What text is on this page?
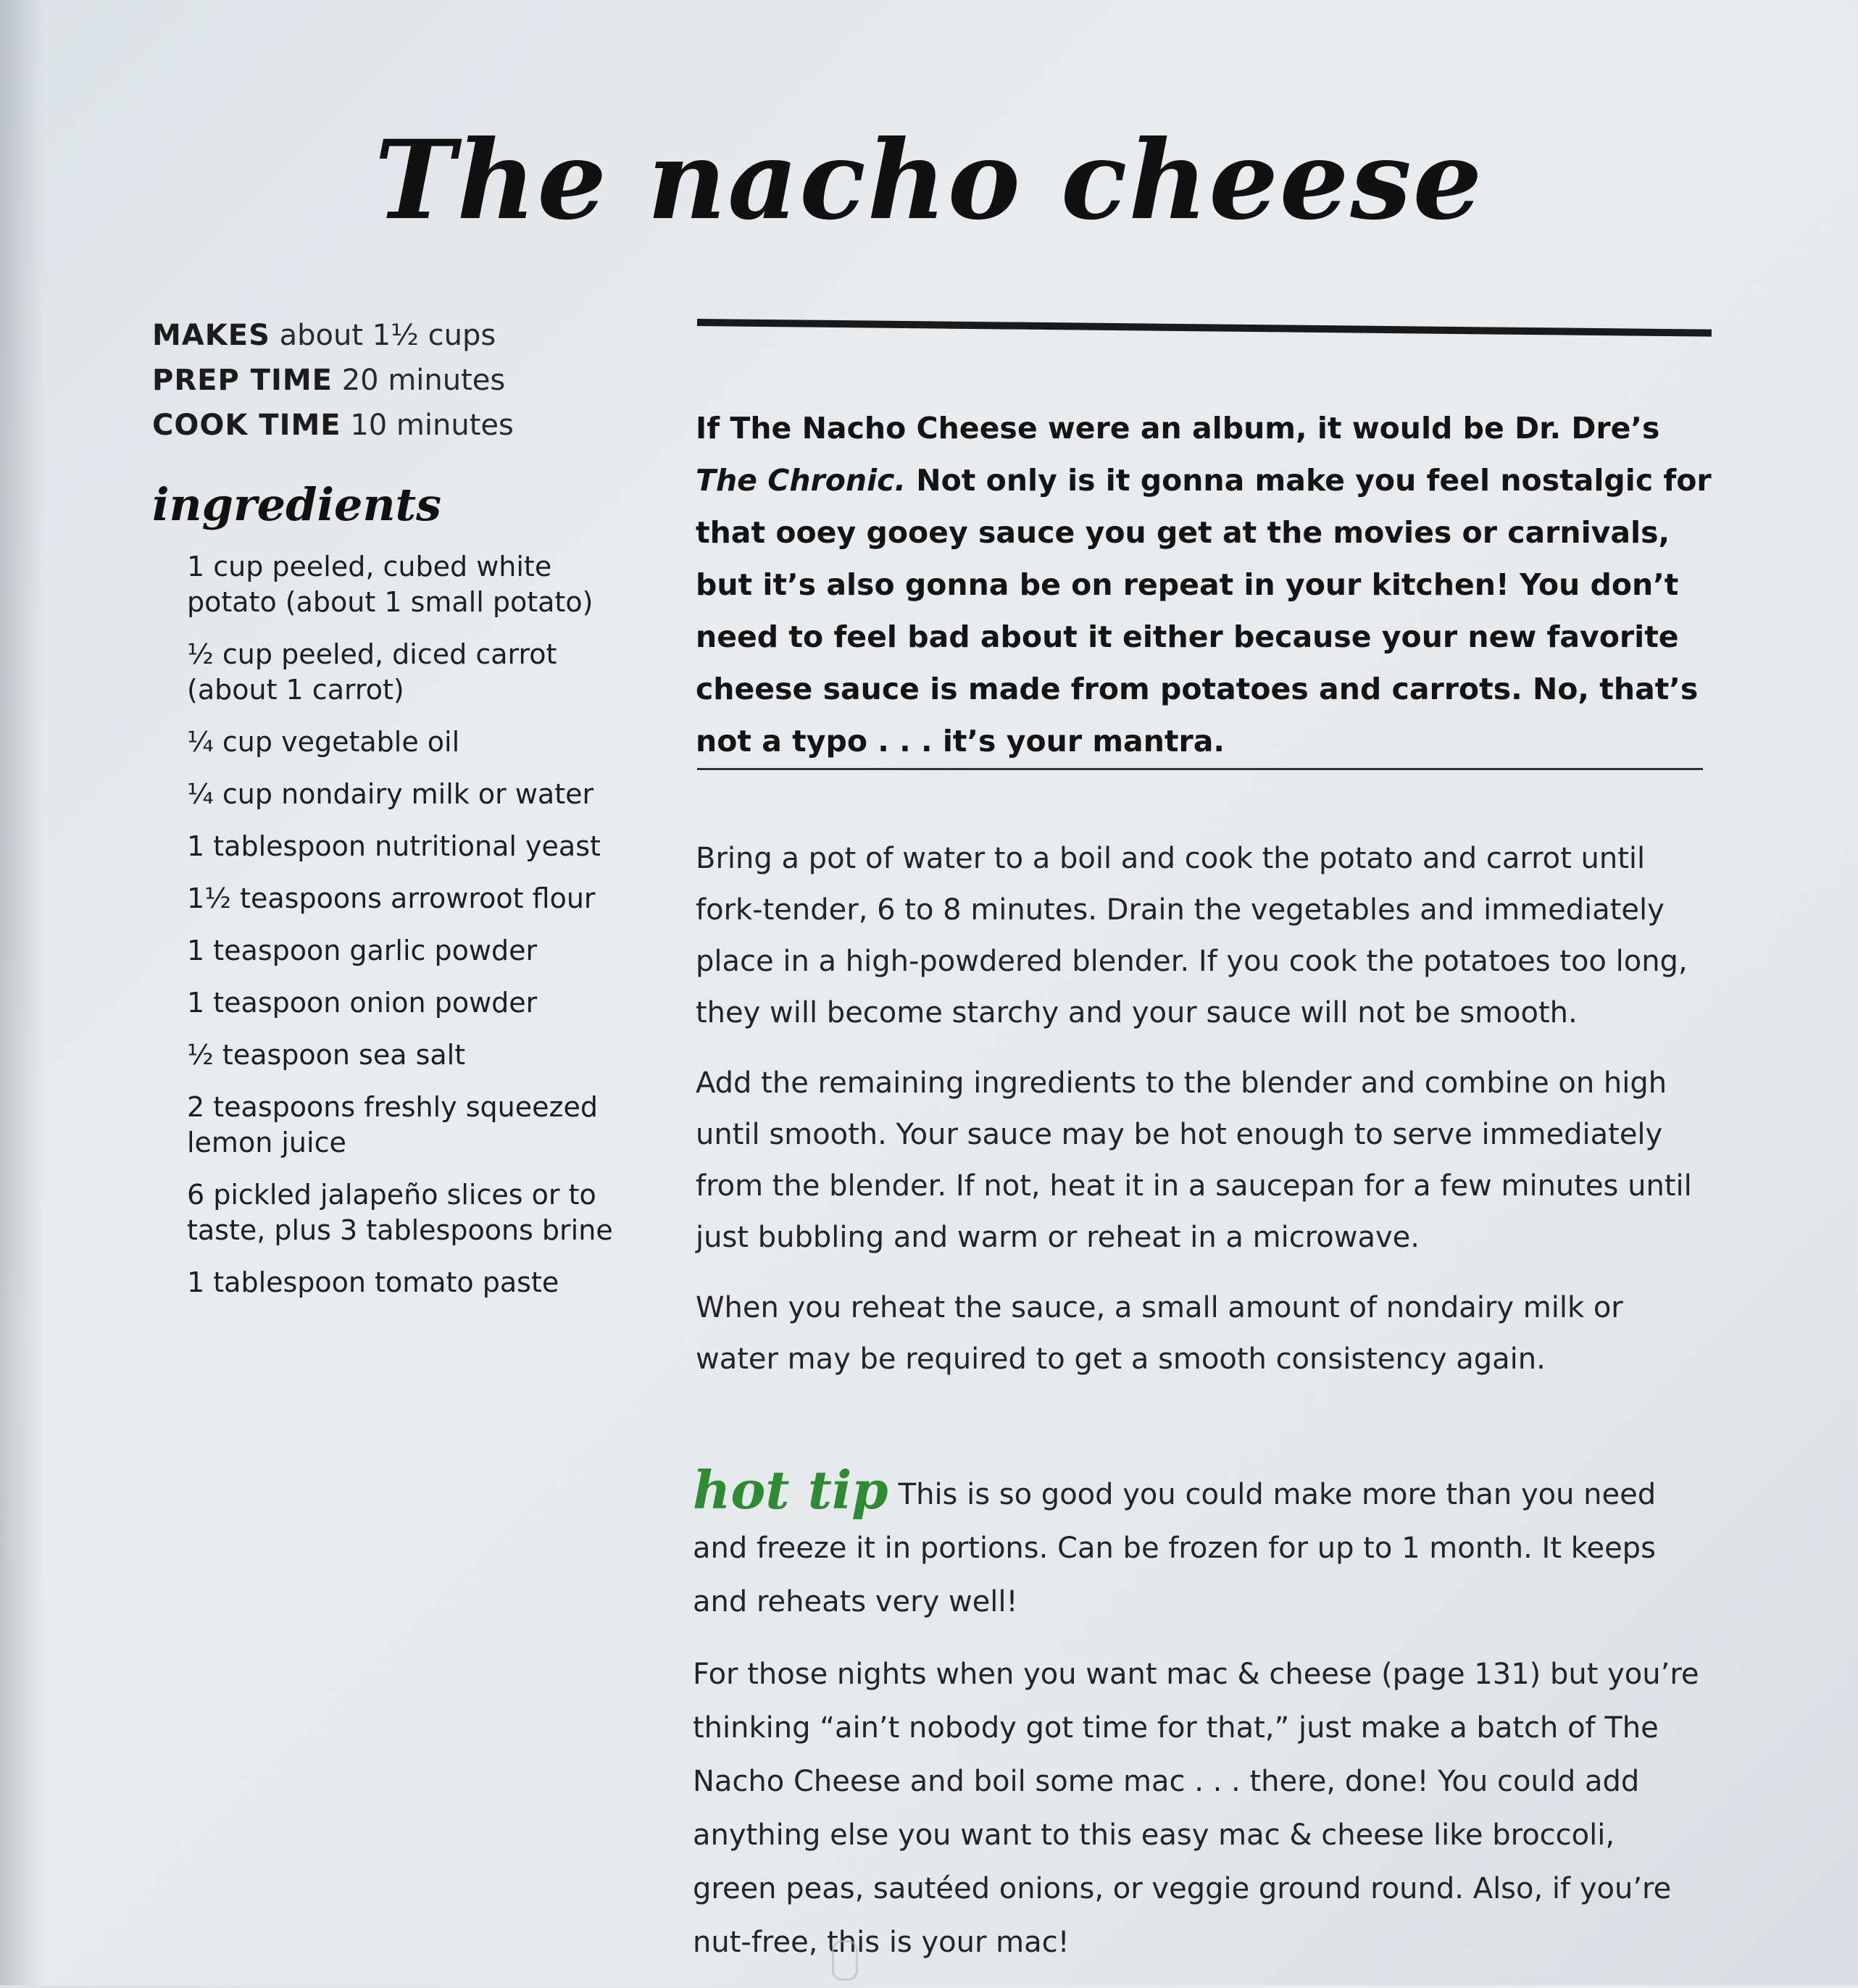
The nacho cheese
MAKES about 1½ cups
PREP TIME 20 minutes
COOK TIME 10 minutes
ingredients
1 cup peeled, cubed white potato (about 1 small potato)
½ cup peeled, diced carrot (about 1 carrot)
¼ cup vegetable oil
¼ cup nondairy milk or water
1 tablespoon nutritional yeast
1½ teaspoons arrowroot flour
1 teaspoon garlic powder
1 teaspoon onion powder
½ teaspoon sea salt
2 teaspoons freshly squeezed lemon juice
6 pickled jalapeño slices or to taste, plus 3 tablespoons brine
1 tablespoon tomato paste

If The Nacho Cheese were an album, it would be Dr. Dre’s The Chronic. Not only is it gonna make you feel nostalgic for that ooey gooey sauce you get at the movies or carnivals, but it’s also gonna be on repeat in your kitchen! You don’t need to feel bad about it either because your new favorite cheese sauce is made from potatoes and carrots. No, that’s not a typo . . . it’s your mantra.

Bring a pot of water to a boil and cook the potato and carrot until fork-tender, 6 to 8 minutes. Drain the vegetables and immediately place in a high-powdered blender. If you cook the potatoes too long, they will become starchy and your sauce will not be smooth.

Add the remaining ingredients to the blender and combine on high until smooth. Your sauce may be hot enough to serve immediately from the blender. If not, heat it in a saucepan for a few minutes until just bubbling and warm or reheat in a microwave.

When you reheat the sauce, a small amount of nondairy milk or water may be required to get a smooth consistency again.

hot tip This is so good you could make more than you need and freeze it in portions. Can be frozen for up to 1 month. It keeps and reheats very well!

For those nights when you want mac & cheese (page 131) but you’re thinking “ain’t nobody got time for that,” just make a batch of The Nacho Cheese and boil some mac . . . there, done! You could add anything else you want to this easy mac & cheese like broccoli, green peas, sautéed onions, or veggie ground round. Also, if you’re nut-free, this is your mac!
